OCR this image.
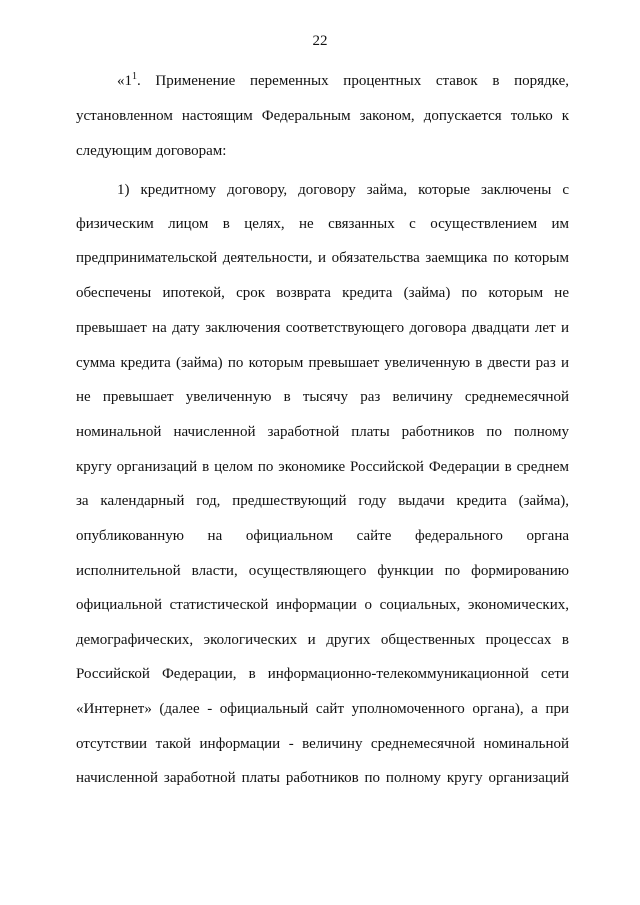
22
«$1^1$. Применение переменных процентных ставок в порядке,
установленном настоящим Федеральным законом, допускается только к
следующим договорам:
1) кредитному договору, договору займа, которые заключены с
физическим лицом в целях, не связанных с осуществлением им
предпринимательской деятельности, и обязательства заемщика по которым
обеспечены ипотекой, срок возврата кредита (займа) по которым не
превышает на дату заключения соответствующего договора двадцати лет и
сумма кредита (займа) по которым превышает увеличенную в двести раз и
не превышает увеличенную в тысячу раз величину среднемесячной
номинальной начисленной заработной платы работников по полному
кругу организаций в целом по экономике Российской Федерации в среднем
за календарный год, предшествующий году выдачи кредита (займа),
опубликованную на официальном сайте федерального органа
исполнительной власти, осуществляющего функции по формированию
официальной статистической информации о социальных, экономических,
демографических, экологических и других общественных процессах в
Российской Федерации, в информационно-телекоммуникационной сети
«Интернет» (далее - официальный сайт уполномоченного органа), а при
отсутствии такой информации - величину среднемесячной номинальной
начисленной заработной платы работников по полному кругу организаций
